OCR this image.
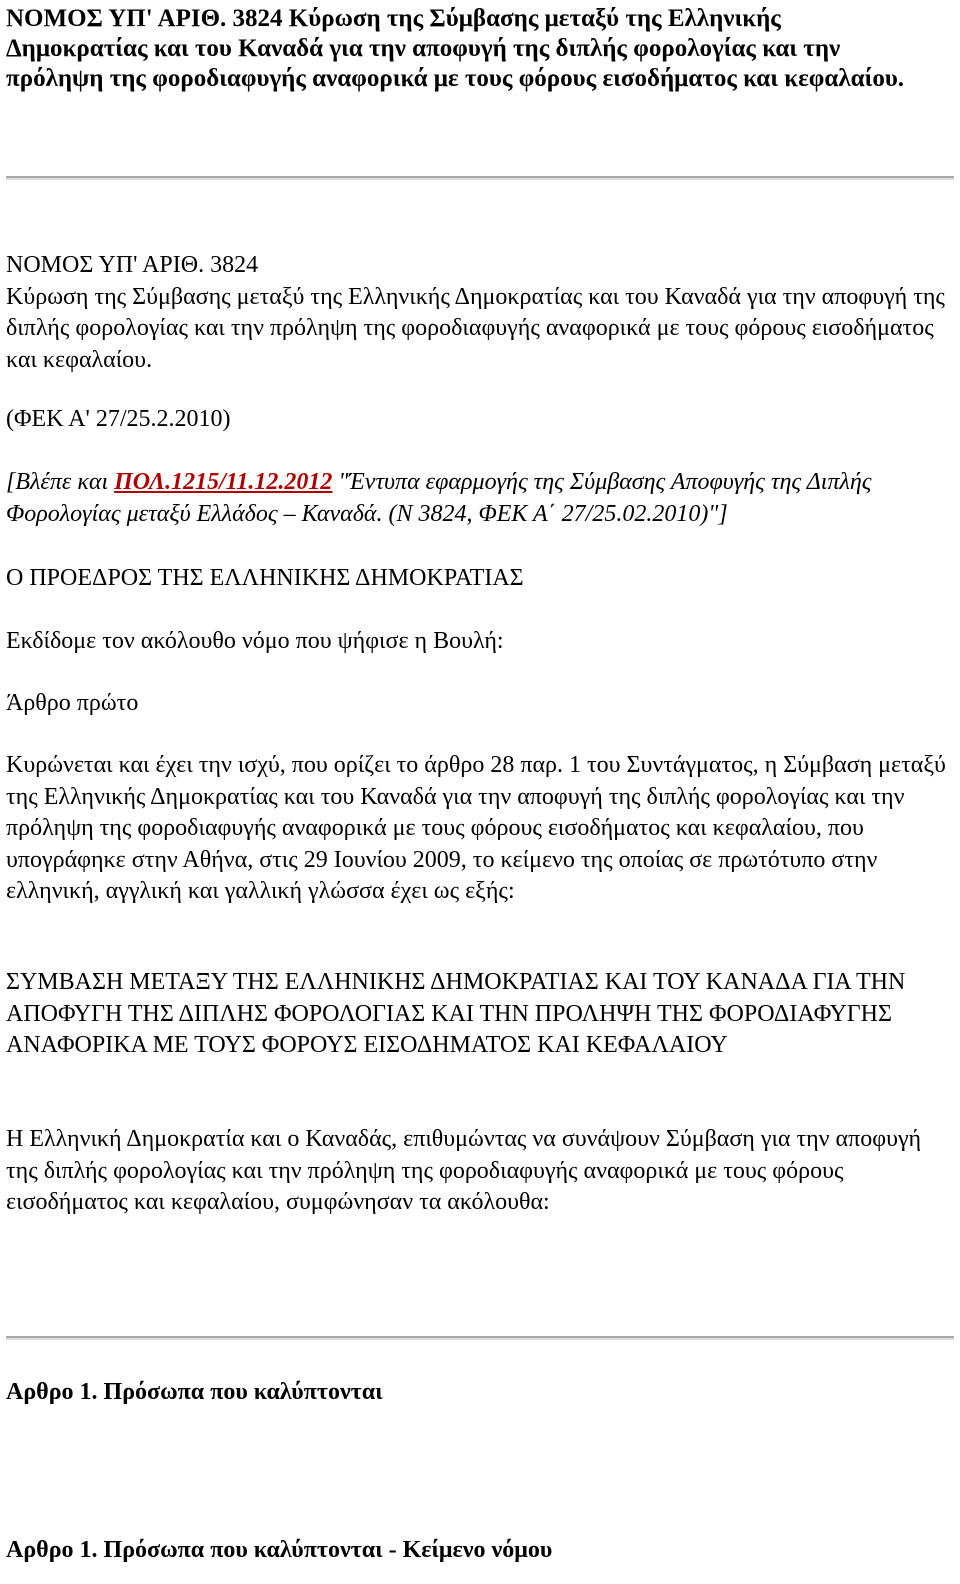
ΝΟΜΟΣ ΥΠ' ΑΡΙΘ. 3824 Κύρωση της Σύμβασης μεταξύ της Ελληνικής Δημοκρατίας και του Καναδά για την αποφυγή της διπλής φορολογίας και την πρόληψη της φοροδιαφυγής αναφορικά με τους φόρους εισοδήματος και κεφαλαίου.
ΝΟΜΟΣ ΥΠ' ΑΡΙΘ. 3824
Κύρωση της Σύμβασης μεταξύ της Ελληνικής Δημοκρατίας και του Καναδά για την αποφυγή της διπλής φορολογίας και την πρόληψη της φοροδιαφυγής αναφορικά με τους φόρους εισοδήματος και κεφαλαίου.
(ΦΕΚ Α' 27/25.2.2010)
[Βλέπε και ΠΟΛ.1215/11.12.2012 "Έντυπα εφαρμογής της Σύμβασης Αποφυγής της Διπλής Φορολογίας μεταξύ Ελλάδος – Καναδά. (Ν 3824, ΦΕΚ Α΄ 27/25.02.2010)"]
Ο ΠΡΟΕΔΡΟΣ ΤΗΣ ΕΛΛΗΝΙΚΗΣ ΔΗΜΟΚΡΑΤΙΑΣ
Εκδίδομε τον ακόλουθο νόμο που ψήφισε η Βουλή:
Άρθρο πρώτο
Κυρώνεται και έχει την ισχύ, που ορίζει το άρθρο 28 παρ. 1 του Συντάγματος, η Σύμβαση μεταξύ της Ελληνικής Δημοκρατίας και του Καναδά για την αποφυγή της διπλής φορολογίας και την πρόληψη της φοροδιαφυγής αναφορικά με τους φόρους εισοδήματος και κεφαλαίου, που υπογράφηκε στην Αθήνα, στις 29 Ιουνίου 2009, το κείμενο της οποίας σε πρωτότυπο στην ελληνική, αγγλική και γαλλική γλώσσα έχει ως εξής:
ΣΥΜΒΑΣΗ ΜΕΤΑΞΥ ΤΗΣ ΕΛΛΗΝΙΚΗΣ ΔΗΜΟΚΡΑΤΙΑΣ ΚΑΙ ΤΟΥ ΚΑΝΑΔΑ ΓΙΑ ΤΗΝ ΑΠΟΦΥΓΗ ΤΗΣ ΔΙΠΛΗΣ ΦΟΡΟΛΟΓΙΑΣ ΚΑΙ ΤΗΝ ΠΡΟΛΗΨΗ ΤΗΣ ΦΟΡΟΔΙΑΦΥΓΗΣ ΑΝΑΦΟΡΙΚΑ ΜΕ ΤΟΥΣ ΦΟΡΟΥΣ ΕΙΣΟΔΗΜΑΤΟΣ ΚΑΙ ΚΕΦΑΛΑΙΟΥ
Η Ελληνική Δημοκρατία και ο Καναδάς, επιθυμώντας να συνάψουν Σύμβαση για την αποφυγή της διπλής φορολογίας και την πρόληψη της φοροδιαφυγής αναφορικά με τους φόρους εισοδήματος και κεφαλαίου, συμφώνησαν τα ακόλουθα:
Αρθρο 1. Πρόσωπα που καλύπτονται
Αρθρο 1. Πρόσωπα που καλύπτονται - Κείμενο νόμου
